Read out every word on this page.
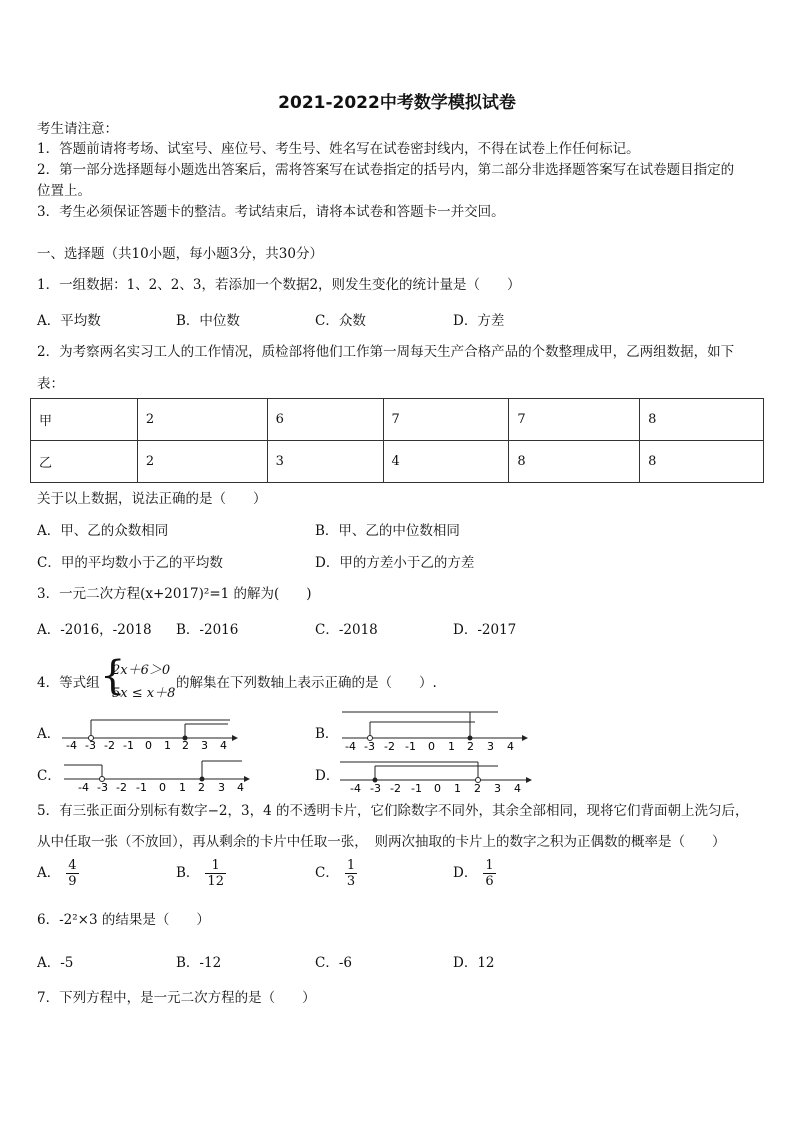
2021-2022中考数学模拟试卷
考生请注意：
1．答题前请将考场、试室号、座位号、考生号、姓名写在试卷密封线内，不得在试卷上作任何标记。
2．第一部分选择题每小题选出答案后，需将答案写在试卷指定的括号内，第二部分非选择题答案写在试卷题目指定的
位置上。
3．考生必须保证答题卡的整洁。考试结束后，请将本试卷和答题卡一并交回。
一、选择题（共10小题，每小题3分，共30分）
1．一组数据：1、2、2、3，若添加一个数据2，则发生变化的统计量是（　　）
A．平均数	B．中位数	C．众数	D．方差
2．为考察两名实习工人的工作情况，质检部将他们工作第一周每天生产合格产品的个数整理成甲，乙两组数据，如下
表：
甲	2	6	7	7	8
乙	2	3	4	8	8
关于以上数据，说法正确的是（　　）
A．甲、乙的众数相同	B．甲、乙的中位数相同
C．甲的平均数小于乙的平均数	D．甲的方差小于乙的方差
3．一元二次方程(x+2017)²=1 的解为(　　)
A．-2016，-2018 B．-2016	C．-2018	D．-2017
4．等式组 {
2x＋6＞0
5x ≤ x＋8
的解集在下列数轴上表示正确的是（　　）.
A．	B．
C．	D．
-4 -3 -2 -1 0 1 2 3 4	-4 -3 -2 -1 0 1 2 3 4
-4 -3 -2 -1 0 1 2 3 4	-4 -3 -2 -1 0 1 2 3 4
5．有三张正面分别标有数字−2，3，4 的不透明卡片，它们除数字不同外，其余全部相同，现将它们背面朝上洗匀后，
从中任取一张（不放回），再从剩余的卡片中任取一张，　则两次抽取的卡片上的数字之积为正偶数的概率是（　　）
A． $\frac{4}{9}$	B． $\frac{1}{12}$	C． $\frac{1}{3}$	D． $\frac{1}{6}$
6．-2²×3 的结果是（　　）
A．-5	B．-12	C．-6	D．12
7．下列方程中，是一元二次方程的是（　　）
